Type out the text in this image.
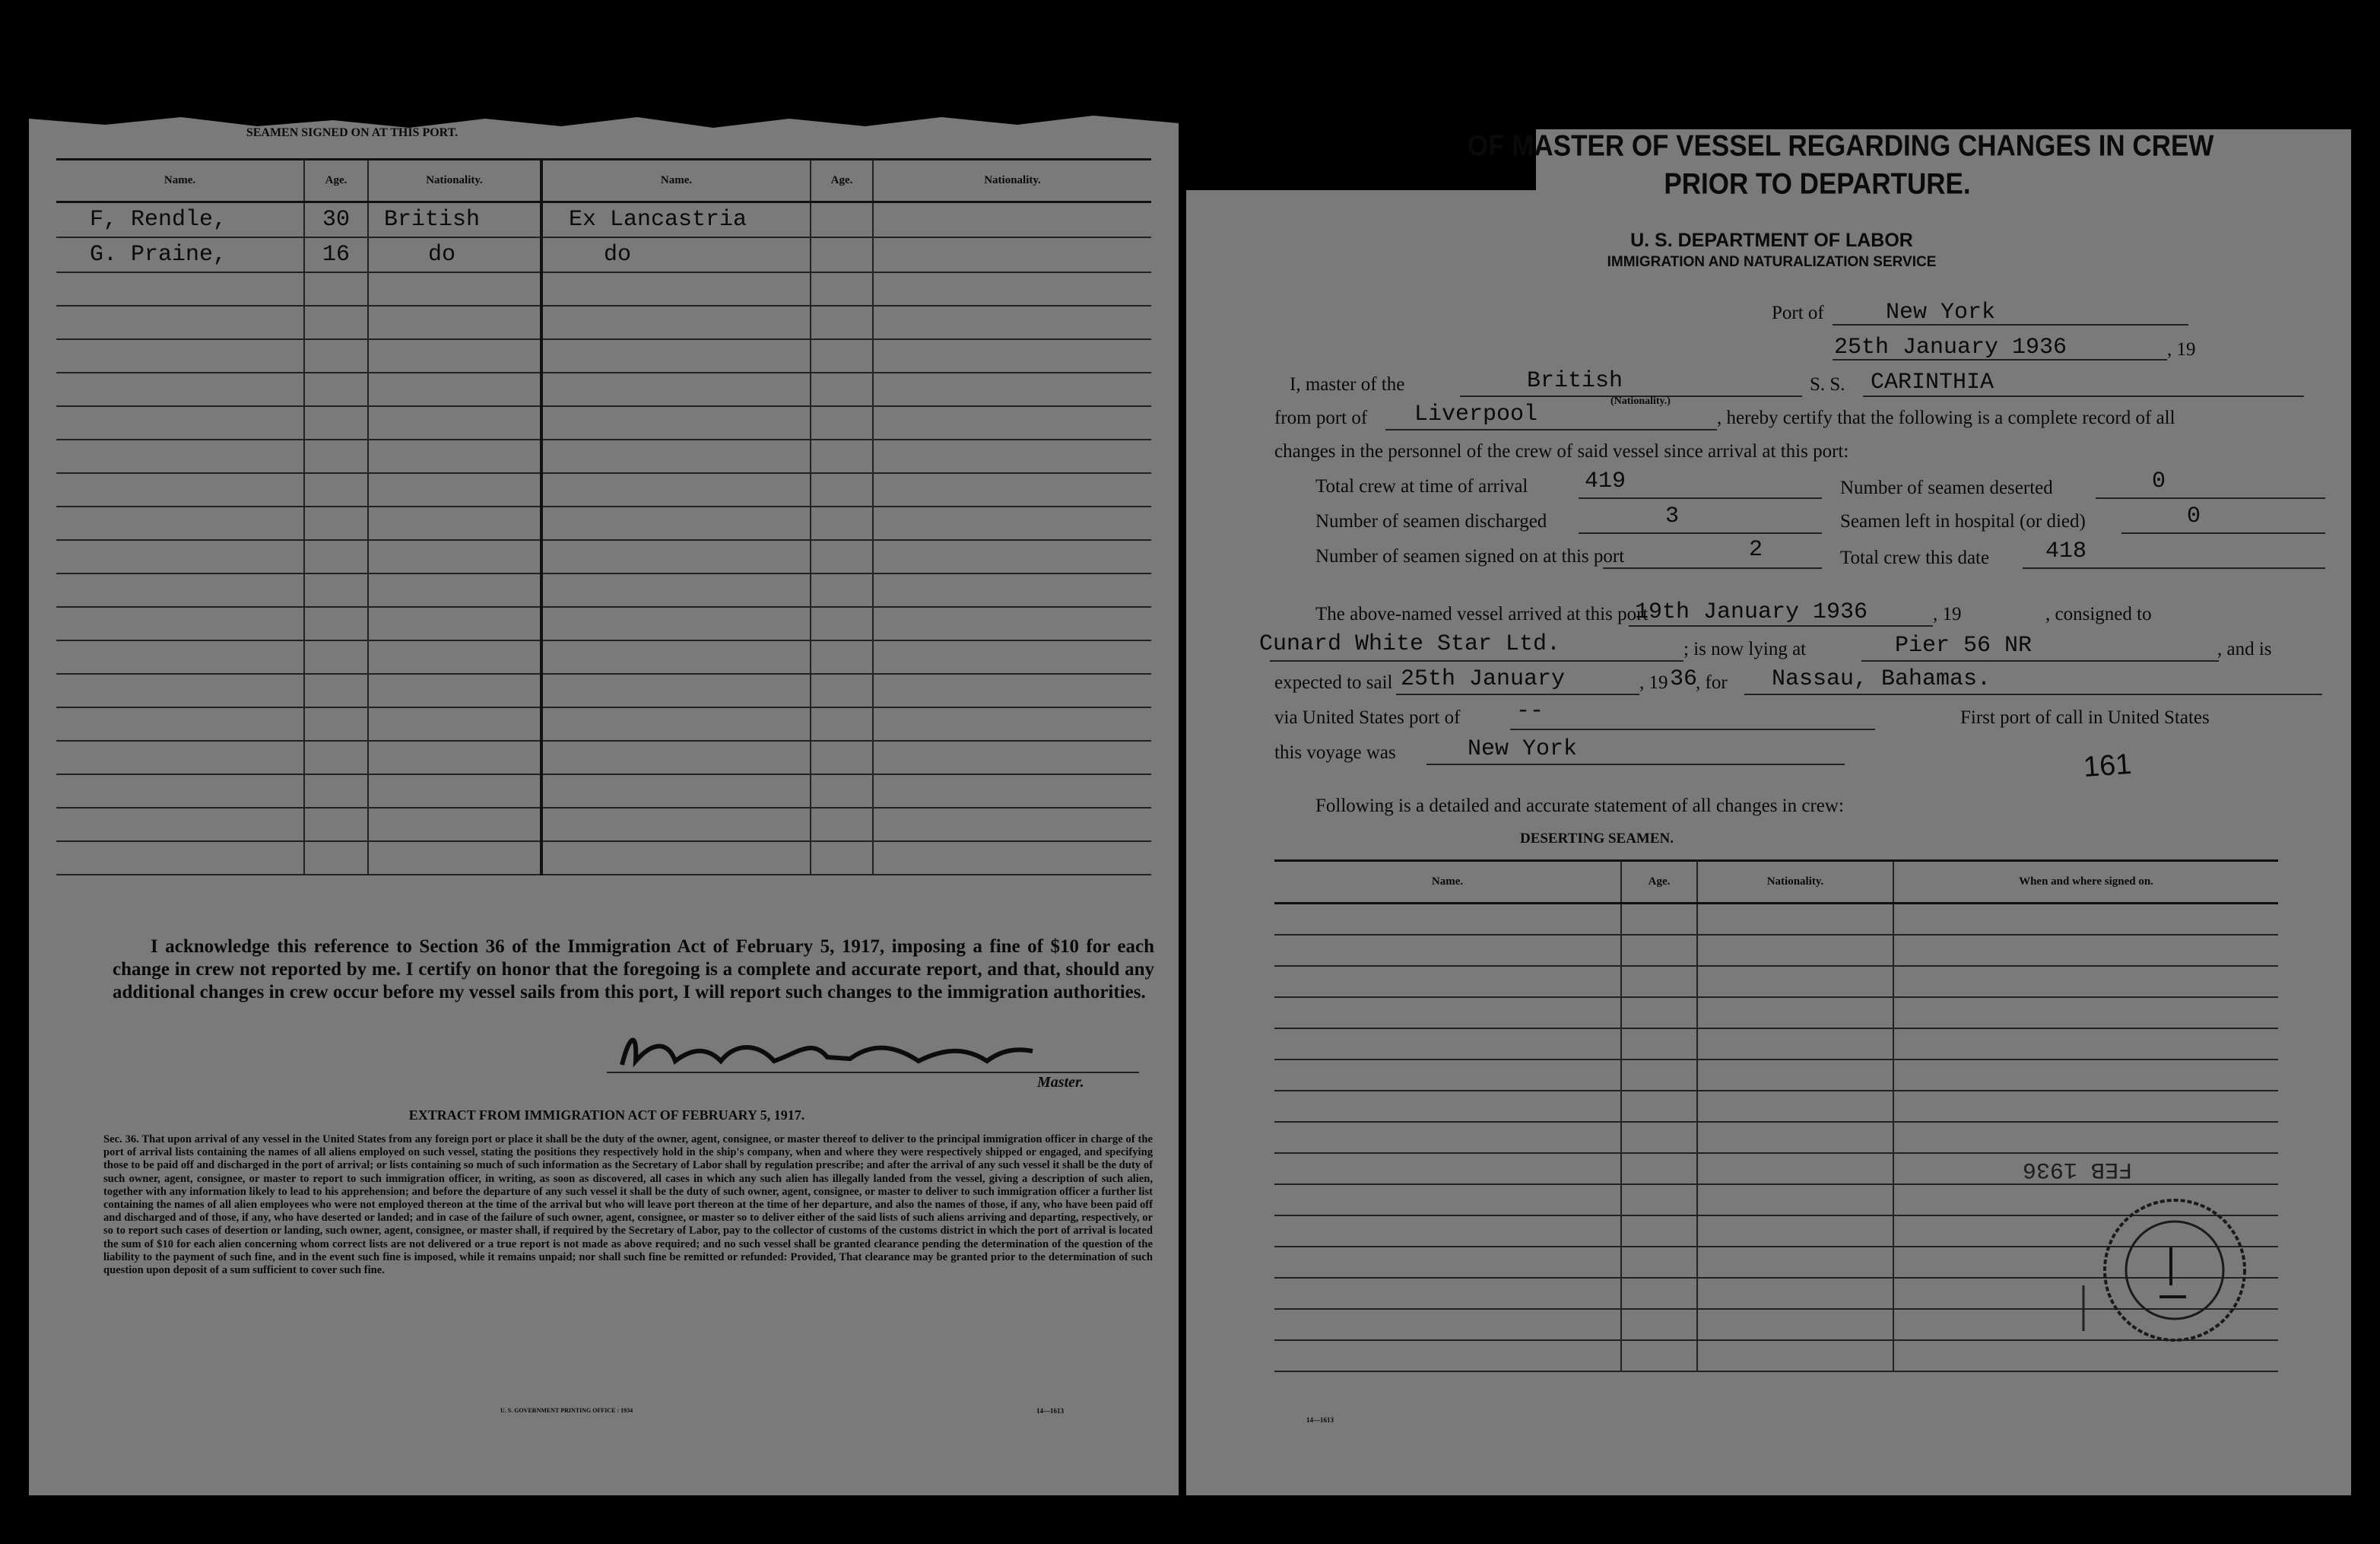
SEAMEN SIGNED ON AT THIS PORT.
Name.	Age.	Nationality.	Name.	Age.	Nationality.
F, Rendle,	30	British	Ex Lancastria		
G. Praine,	16	do	do		

I acknowledge this reference to Section 36 of the Immigration Act of February 5, 1917, imposing a fine of $10 for each change in crew not reported by me. I certify on honor that the foregoing is a complete and accurate report, and that, should any additional changes in crew occur before my vessel sails from this port, I will report such changes to the immigration authorities.
Master.
EXTRACT FROM IMMIGRATION ACT OF FEBRUARY 5, 1917.
Sec. 36. That upon arrival of any vessel in the United States from any foreign port or place it shall be the duty of the owner, agent, consignee, or master thereof to deliver to the principal immigration officer in charge of the port of arrival lists containing the names of all aliens employed on such vessel, stating the positions they respectively hold in the ship's company, when and where they were respectively shipped or engaged, and specifying those to be paid off and discharged in the port of arrival; or lists containing so much of such information as the Secretary of Labor shall by regulation prescribe; and after the arrival of any such vessel it shall be the duty of such owner, agent, consignee, or master to report to such immigration officer, in writing, as soon as discovered, all cases in which any such alien has illegally landed from the vessel, giving a description of such alien, together with any information likely to lead to his apprehension; and before the departure of any such vessel it shall be the duty of such owner, agent, consignee, or master to deliver to such immigration officer a further list containing the names of all alien employees who were not employed thereon at the time of the arrival but who will leave port thereon at the time of her departure, and also the names of those, if any, who have been paid off and discharged and of those, if any, who have deserted or landed; and in case of the failure of such owner, agent, consignee, or master so to deliver either of the said lists of such aliens arriving and departing, respectively, or so to report such cases of desertion or landing, such owner, agent, consignee, or master shall, if required by the Secretary of Labor, pay to the collector of customs of the customs district in which the port of arrival is located the sum of $10 for each alien concerning whom correct lists are not delivered or a true report is not made as above required; and no such vessel shall be granted clearance pending the determination of the question of the liability to the payment of such fine, and in the event such fine is imposed, while it remains unpaid; nor shall such fine be remitted or refunded: Provided, That clearance may be granted prior to the determination of such question upon deposit of a sum sufficient to cover such fine.
U. S. GOVERNMENT PRINTING OFFICE : 1934	14—1613
OF MASTER OF VESSEL REGARDING CHANGES IN CREW
PRIOR TO DEPARTURE.
U. S. DEPARTMENT OF LABOR
IMMIGRATION AND NATURALIZATION SERVICE
Port of	New York
25th January 1936	, 19
I, master of the	British
(Nationality.)
S. S. CARINTHIA
from port of Liverpool	, hereby certify that the following is a complete record of all
changes in the personnel of the crew of said vessel since arrival at this port:
Total crew at time of arrival 419	Number of seamen deserted	0
Number of seamen discharged	3	Seamen left in hospital (or died)	0
Number of seamen signed on at this port	2	Total crew this date 418
The above-named vessel arrived at this port
19th January 1936	, 19	, consigned to
Cunard White Star Ltd.	; is now lying at	Pier 56 NR	, and is
expected to sail 25th January	, 19 36
, for Nassau, Bahamas.
via United States port of --	First port of call in United States
this voyage was	New York	161
Following is a detailed and accurate statement of all changes in crew:
DESERTING SEAMEN.
Name.	Age.	Nationality.	When and where signed on.

FEB 1936
14—1613
